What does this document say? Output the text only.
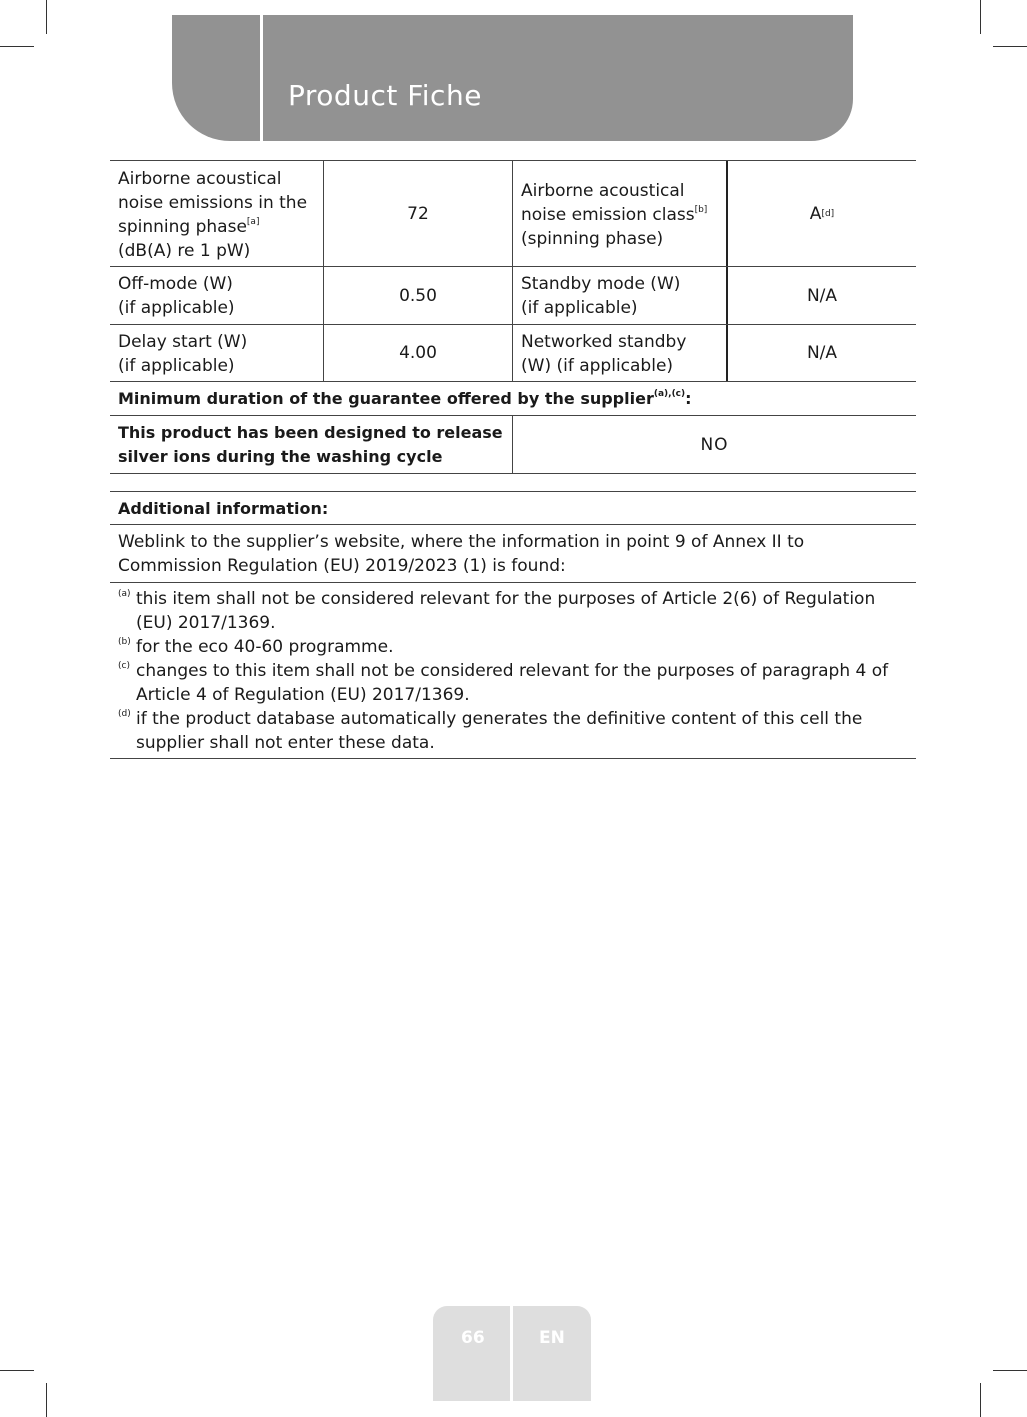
Product Fiche
Airborne acoustical noise emissions in the spinning phase[a]
(dB(A) re 1 pW)
72
Airborne acoustical noise emission class[b]
(spinning phase)
A [d]
Off-mode (W)
(if applicable)
0.50
Standby mode (W)
(if applicable)
N/A
Delay start (W)
(if applicable)
4.00
Networked standby
(W) (if applicable)
N/A
Minimum duration of the guarantee offered by the supplier$^{(a),(c)}$:
This product has been designed to release
silver ions during the washing cycle
NO
Additional information:
Weblink to the supplier’s website, where the information in point 9 of Annex II to Commission Regulation (EU) 2019/2023 (1) is found:
(a) this item shall not be considered relevant for the purposes of Article 2(6) of Regulation (EU) 2017/1369.
(b) for the eco 40-60 programme.
(c) changes to this item shall not be considered relevant for the purposes of paragraph 4 of Article 4 of Regulation (EU) 2017/1369.
(d) if the product database automatically generates the definitive content of this cell the supplier shall not enter these data.
66	EN
